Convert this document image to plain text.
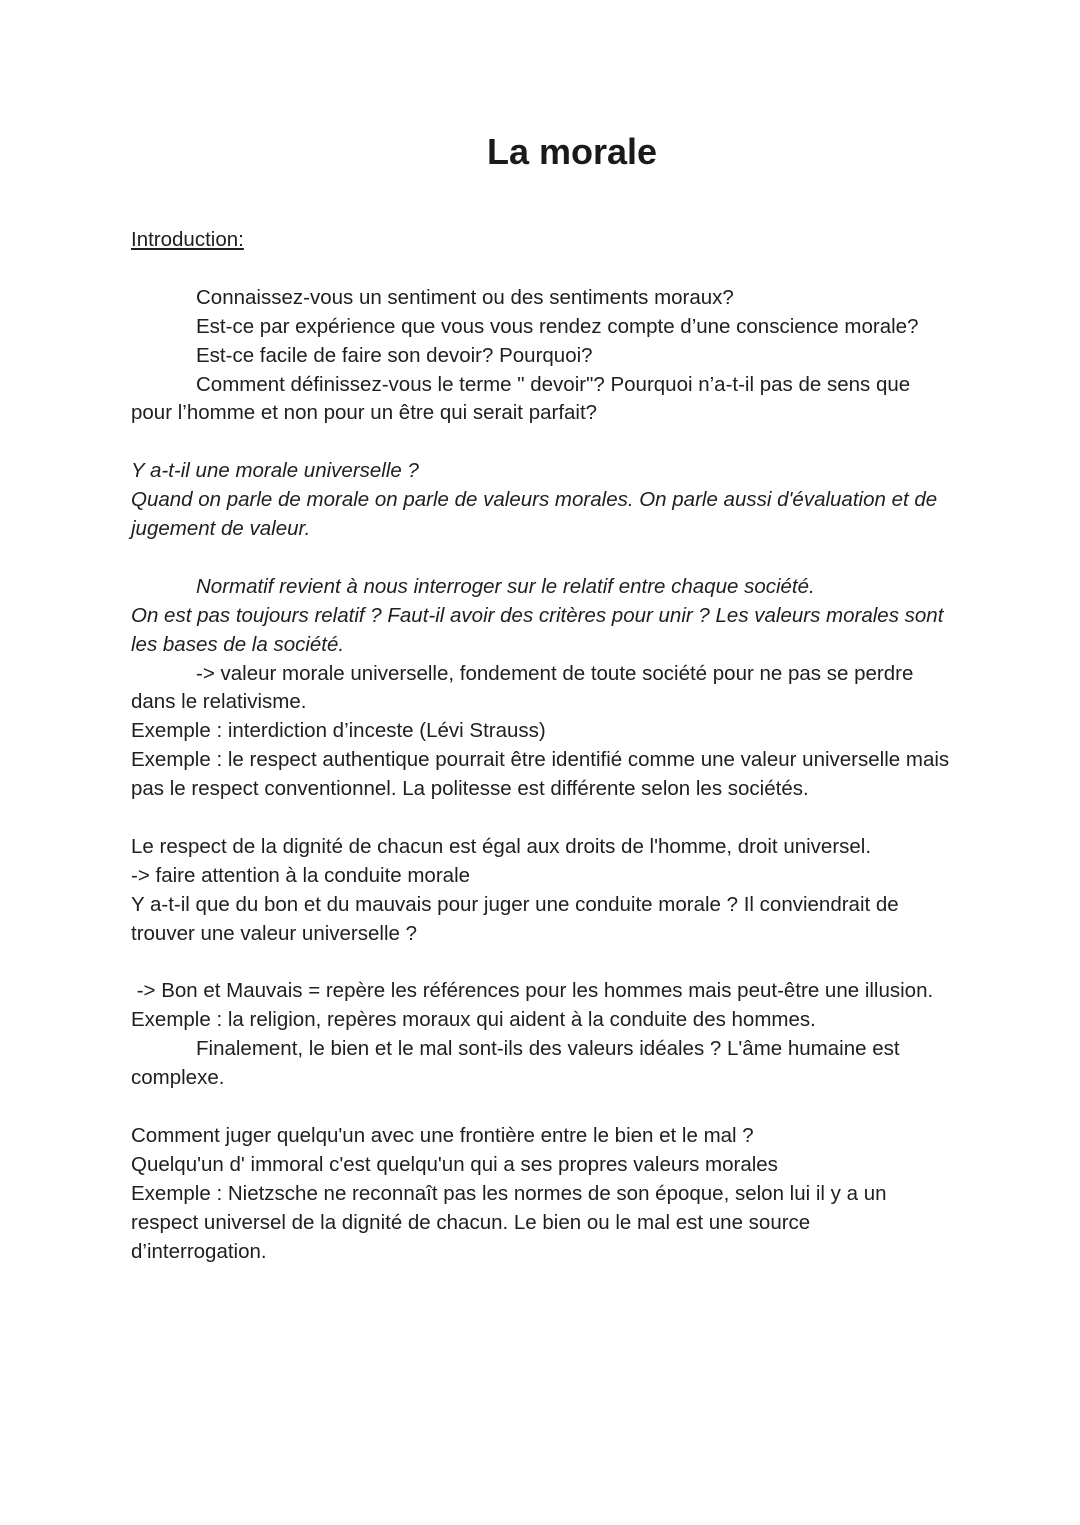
La morale

Introduction:

Connaissez-vous un sentiment ou des sentiments moraux?

Est-ce par expérience que vous vous rendez compte d’une conscience morale?

Est-ce facile de faire son devoir? Pourquoi?

Comment définissez-vous le terme " devoir"? Pourquoi n’a-t-il pas de sens que pour l’homme et non pour un être qui serait parfait?

Y a-t-il une morale universelle ?

Quand on parle de morale on parle de valeurs morales. On parle aussi d'évaluation et de jugement de valeur.

Normatif revient à nous interroger sur le relatif entre chaque société.

On est pas toujours relatif ? Faut-il avoir des critères pour unir ? Les valeurs morales sont les bases de la société.

-> valeur morale universelle, fondement de toute société pour ne pas se perdre dans le relativisme.

Exemple : interdiction d’inceste (Lévi Strauss)

Exemple : le respect authentique pourrait être identifié comme une valeur universelle mais pas le respect conventionnel. La politesse est différente selon les sociétés.

Le respect de la dignité de chacun est égal aux droits de l'homme, droit universel.

-> faire attention à la conduite morale

Y a-t-il que du bon et du mauvais pour juger une conduite morale ? Il conviendrait de trouver une valeur universelle ?

-> Bon et Mauvais = repère les références pour les hommes mais peut-être une illusion.

Exemple : la religion, repères moraux qui aident à la conduite des hommes.

Finalement, le bien et le mal sont-ils des valeurs idéales ? L'âme humaine est complexe.

Comment juger quelqu'un avec une frontière entre le bien et le mal ?

Quelqu'un d' immoral c'est quelqu'un qui a ses propres valeurs morales

Exemple : Nietzsche ne reconnaît pas les normes de son époque, selon lui il y a un respect universel de la dignité de chacun. Le bien ou le mal est une source d’interrogation.
